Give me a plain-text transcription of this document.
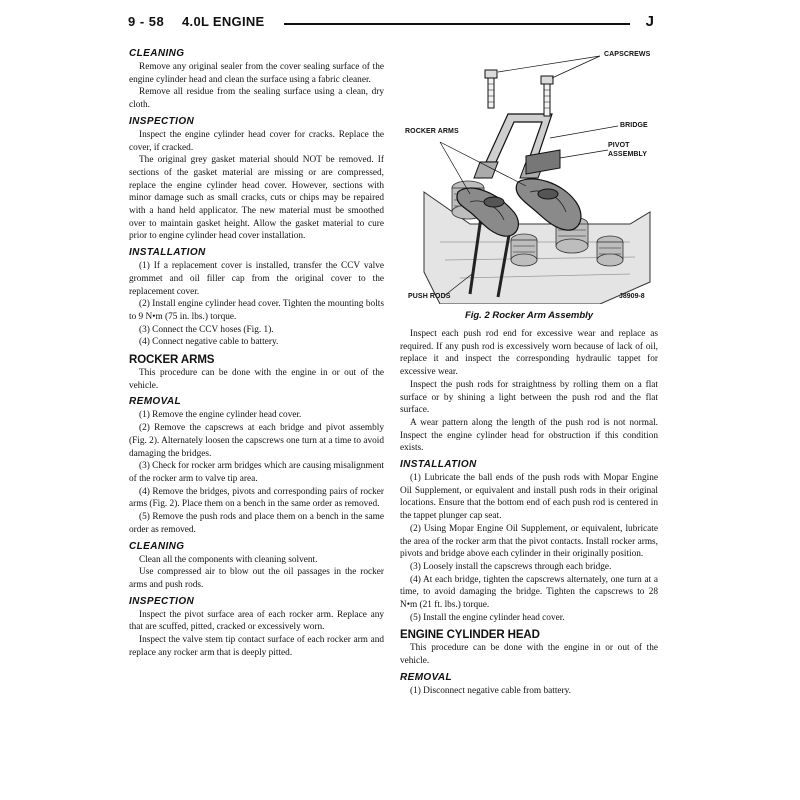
9 - 58 4.0L ENGINE	J
CLEANING

Remove any original sealer from the cover sealing surface of the engine cylinder head and clean the surface using a fabric cleaner.

Remove all residue from the sealing surface using a clean, dry cloth.

INSPECTION

Inspect the engine cylinder head cover for cracks. Replace the cover, if cracked.

The original grey gasket material should NOT be removed. If sections of the gasket material are missing or are compressed, replace the engine cylinder head cover. However, sections with minor damage such as small cracks, cuts or chips may be repaired with a hand held applicator. The new material must be smoothed over to maintain gasket height. Allow the gasket material to cure prior to engine cylinder head cover installation.

INSTALLATION

(1) If a replacement cover is installed, transfer the CCV valve grommet and oil filler cap from the original cover to the replacement cover.

(2) Install engine cylinder head cover. Tighten the mounting bolts to 9 N•m (75 in. lbs.) torque.

(3) Connect the CCV hoses (Fig. 1).

(4) Connect negative cable to battery.

ROCKER ARMS

This procedure can be done with the engine in or out of the vehicle.

REMOVAL

(1) Remove the engine cylinder head cover.

(2) Remove the capscrews at each bridge and pivot assembly (Fig. 2). Alternately loosen the capscrews one turn at a time to avoid damaging the bridges.

(3) Check for rocker arm bridges which are causing misalignment of the rocker arm to valve tip area.

(4) Remove the bridges, pivots and corresponding pairs of rocker arms (Fig. 2). Place them on a bench in the same order as removed.

(5) Remove the push rods and place them on a bench in the same order as removed.

CLEANING

Clean all the components with cleaning solvent.

Use compressed air to blow out the oil passages in the rocker arms and push rods.

INSPECTION

Inspect the pivot surface area of each rocker arm. Replace any that are scuffed, pitted, cracked or excessively worn.

Inspect the valve stem tip contact surface of each rocker arm and replace any rocker arm that is deeply pitted.

CAPSCREWS
ROCKER ARMS
BRIDGE
PIVOT
ASSEMBLY
PUSH RODS	J8909-8
Fig. 2 Rocker Arm Assembly

Inspect each push rod end for excessive wear and replace as required. If any push rod is excessively worn because of lack of oil, replace it and inspect the corresponding hydraulic tappet for excessive wear.

Inspect the push rods for straightness by rolling them on a flat surface or by shining a light between the push rod and the flat surface.

A wear pattern along the length of the push rod is not normal. Inspect the engine cylinder head for obstruction if this condition exists.

INSTALLATION

(1) Lubricate the ball ends of the push rods with Mopar Engine Oil Supplement, or equivalent and install push rods in their original locations. Ensure that the bottom end of each push rod is centered in the tappet plunger cap seat.

(2) Using Mopar Engine Oil Supplement, or equivalent, lubricate the area of the rocker arm that the pivot contacts. Install rocker arms, pivots and bridge above each cylinder in their originally position.

(3) Loosely install the capscrews through each bridge.

(4) At each bridge, tighten the capscrews alternately, one turn at a time, to avoid damaging the bridge. Tighten the capscrews to 28 N•m (21 ft. lbs.) torque.

(5) Install the engine cylinder head cover.

ENGINE CYLINDER HEAD

This procedure can be done with the engine in or out of the vehicle.

REMOVAL

(1) Disconnect negative cable from battery.
